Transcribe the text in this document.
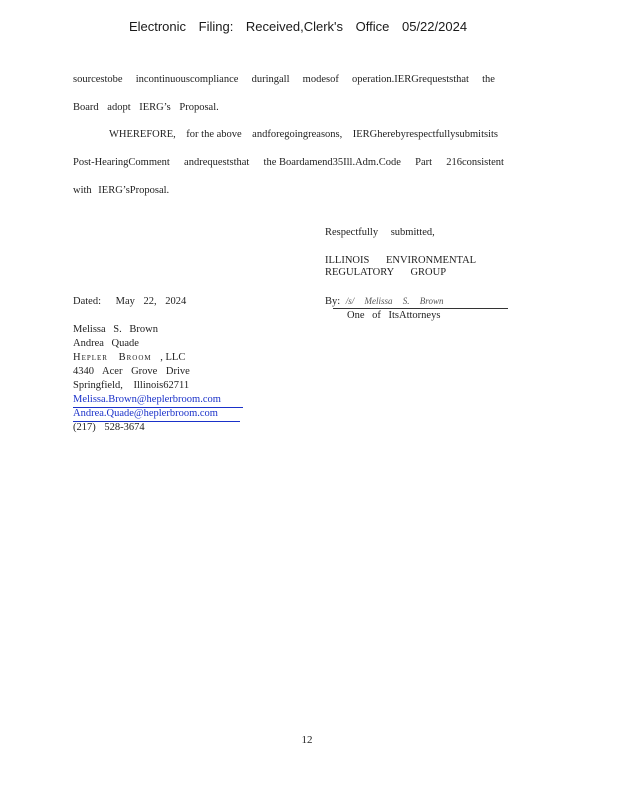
Electronic Filing: Received,Clerk's Office 05/22/2024
sourcestobe incontinuouscompliance duringall modesof operation.IERGrequeststhat the
Board adopt IERG’s Proposal.
WHEREFORE, for the above andforegoingreasons, IERGherebyrespectfullysubmitsits
Post-HearingComment andrequeststhat the Boardamend35Ill.Adm.Code Part 216consistent
with IERG’sProposal.
Respectfully submitted,
ILLINOIS ENVIRONMENTAL
REGULATORY GROUP
Dated: May 22, 2024	By: /s/ Melissa S. Brown
One of ItsAttorneys
Melissa S. Brown
Andrea Quade
Hepler Broom , LLC
4340 Acer Grove Drive
Springfield, Illinois62711
Melissa.Brown@heplerbroom.com
Andrea.Quade@heplerbroom.com
(217) 528-3674
12
